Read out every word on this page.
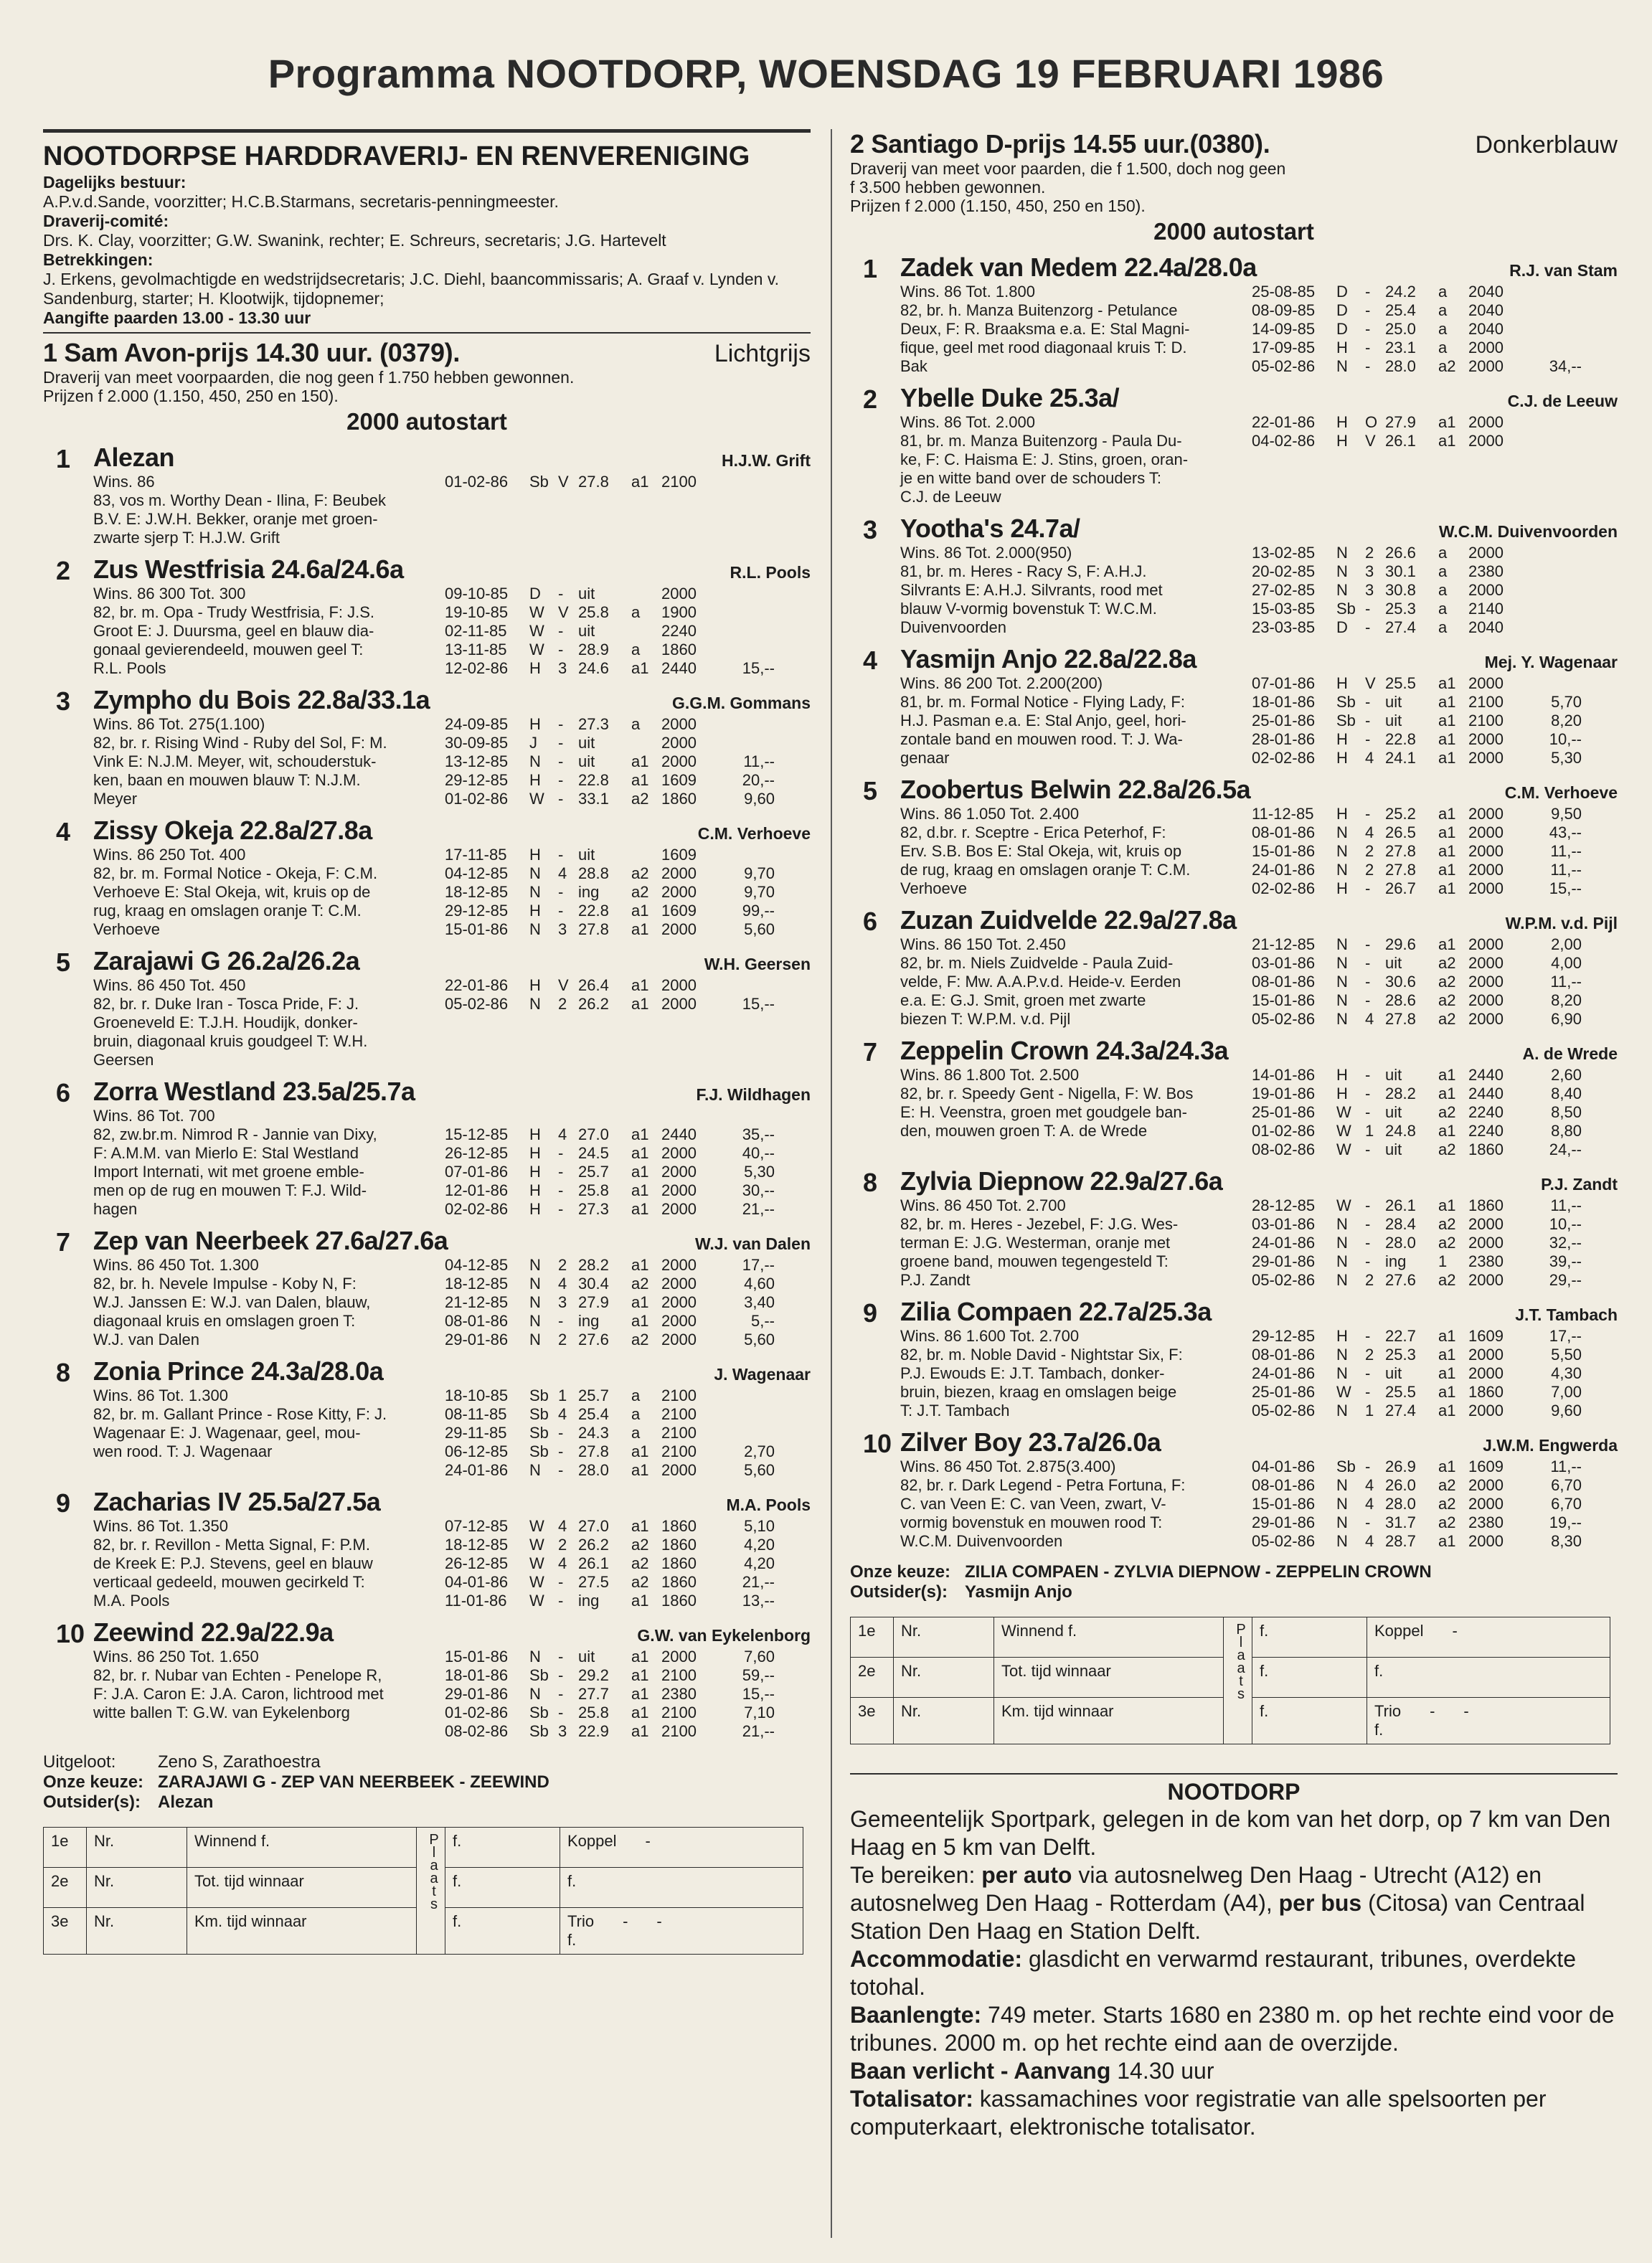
Programma NOOTDORP, WOENSDAG 19 FEBRUARI 1986
NOOTDORPSE HARDDRAVERIJ- EN RENVERENIGING
Dagelijks bestuur:
A.P.v.d.Sande, voorzitter; H.C.B.Starmans, secretaris-penningmeester.
Draverij-comité:
Drs. K. Clay, voorzitter; G.W. Swanink, rechter; E. Schreurs, secretaris; J.G. Hartevelt
Betrekkingen:
J. Erkens, gevolmachtigde en wedstrijdsecretaris; J.C. Diehl, baancommissaris; A. Graaf v. Lynden v. Sandenburg, starter; H. Klootwijk, tijdopnemer;
Aangifte paarden 13.00 - 13.30 uur
1 Sam Avon-prijs 14.30 uur. (0379).	Lichtgrijs
Draverij van meet voorpaarden, die nog geen f 1.750 hebben gewonnen.
Prijzen f 2.000 (1.150, 450, 250 en 150).
2000 autostart
1 Alezan	H.J.W. Grift
Wins. 86
83, vos m. Worthy Dean - Ilina, F: Beubek
B.V. E: J.W.H. Bekker, oranje met groen-
zwarte sjerp T: H.J.W. Grift
01-02-86	Sb V 27.8	a1 2100
2 Zus Westfrisia 24.6a/24.6a	R.L. Pools
Wins. 86 300 Tot. 300
82, br. m. Opa - Trudy Westfrisia, F: J.S.
Groot E: J. Duursma, geel en blauw dia-
gonaal gevierendeeld, mouwen geel T:
R.L. Pools
09-10-85	D	- uit	2000
19-10-85	W V 25.8	a	1900
02-11-85	W - uit	2240
13-11-85	W - 28.9	a	1860
12-02-86	H	3 24.6	a1 2440	15,--
3 Zympho du Bois 22.8a/33.1a	G.G.M. Gommans
Wins. 86 Tot. 275(1.100)
82, br. r. Rising Wind - Ruby del Sol, F: M.
Vink E: N.J.M. Meyer, wit, schouderstuk-
ken, baan en mouwen blauw T: N.J.M.
Meyer
24-09-85	H	- 27.3	a	2000
30-09-85	J	- uit	2000
13-12-85	N	- uit	a1 2000	11,--
29-12-85	H	- 22.8	a1 1609	20,--
01-02-86	W - 33.1	a2 1860	9,60
4 Zissy Okeja 22.8a/27.8a	C.M. Verhoeve
Wins. 86 250 Tot. 400
82, br. m. Formal Notice - Okeja, F: C.M.
Verhoeve E: Stal Okeja, wit, kruis op de
rug, kraag en omslagen oranje T: C.M.
Verhoeve
17-11-85	H	- uit	1609
04-12-85	N	4 28.8	a2 2000	9,70
18-12-85	N	- ing	a2 2000	9,70
29-12-85	H	- 22.8	a1 1609	99,--
15-01-86	N	3 27.8	a1 2000	5,60
5 Zarajawi G 26.2a/26.2a	W.H. Geersen
Wins. 86 450 Tot. 450
82, br. r. Duke Iran - Tosca Pride, F: J.
Groeneveld E: T.J.H. Houdijk, donker-
bruin, diagonaal kruis goudgeel T: W.H.
Geersen
22-01-86	H	V 26.4	a1 2000
05-02-86	N	2 26.2	a1 2000	15,--
6 Zorra Westland 23.5a/25.7a	F.J. Wildhagen
Wins. 86 Tot. 700
82, zw.br.m. Nimrod R - Jannie van Dixy,
F: A.M.M. van Mierlo E: Stal Westland
Import Internati, wit met groene emble-
men op de rug en mouwen T: F.J. Wild-
hagen
15-12-85	H	4 27.0	a1 2440	35,--
26-12-85	H	- 24.5	a1 2000	40,--
07-01-86	H	- 25.7	a1 2000	5,30
12-01-86	H	- 25.8	a1 2000	30,--
02-02-86	H	- 27.3	a1 2000	21,--
7 Zep van Neerbeek 27.6a/27.6a	W.J. van Dalen
Wins. 86 450 Tot. 1.300
82, br. h. Nevele Impulse - Koby N, F:
W.J. Janssen E: W.J. van Dalen, blauw,
diagonaal kruis en omslagen groen T:
W.J. van Dalen
04-12-85	N	2 28.2	a1 2000	17,--
18-12-85	N	4 30.4	a2 2000	4,60
21-12-85	N	3 27.9	a1 2000	3,40
08-01-86	N	- ing	a1 2000	5,--
29-01-86	N	2 27.6	a2 2000	5,60
8 Zonia Prince 24.3a/28.0a	J. Wagenaar
Wins. 86 Tot. 1.300
82, br. m. Gallant Prince - Rose Kitty, F: J.
Wagenaar E: J. Wagenaar, geel, mou-
wen rood. T: J. Wagenaar
18-10-85	Sb 1 25.7	a	2100
08-11-85	Sb 4 25.4	a	2100
29-11-85	Sb - 24.3	a	2100
06-12-85	Sb - 27.8	a1 2100	2,70
24-01-86	N	- 28.0	a1 2000	5,60
9 Zacharias IV 25.5a/27.5a	M.A. Pools
Wins. 86 Tot. 1.350
82, br. r. Revillon - Metta Signal, F: P.M.
de Kreek E: P.J. Stevens, geel en blauw
verticaal gedeeld, mouwen gecirkeld T:
M.A. Pools
07-12-85	W 4 27.0	a1 1860	5,10
18-12-85	W 2 26.2	a2 1860	4,20
26-12-85	W 4 26.1	a2 1860	4,20
04-01-86	W - 27.5	a2 1860	21,--
11-01-86	W - ing	a1 1860	13,--
10 Zeewind 22.9a/22.9a	G.W. van Eykelenborg
Wins. 86 250 Tot. 1.650
82, br. r. Nubar van Echten - Penelope R,
F: J.A. Caron E: J.A. Caron, lichtrood met
witte ballen T: G.W. van Eykelenborg
15-01-86	N	- uit	a1 2000	7,60
18-01-86	Sb - 29.2	a1 2100	59,--
29-01-86	N	- 27.7	a1 2380	15,--
01-02-86	Sb - 25.8	a1 2100	7,10
08-02-86	Sb 3 22.9	a1 2100	21,--
Uitgeloot: Zeno S, Zarathoestra
Onze keuze: ZARAJAWI G - ZEP VAN NEERBEEK - ZEEWIND
Outsider(s): Alezan
1e	Nr.	Winnend f.	Plaats	f.	Koppel -
2e	Nr.	Tot. tijd winnaar		f.	f.
3e	Nr.	Km. tijd winnaar		f.	Trio - -
f.
2 Santiago D-prijs 14.55 uur.(0380).	Donkerblauw
Draverij van meet voor paarden, die f 1.500, doch nog geen
f 3.500 hebben gewonnen.
Prijzen f 2.000 (1.150, 450, 250 en 150).
2000 autostart
1 Zadek van Medem 22.4a/28.0a	R.J. van Stam
Wins. 86 Tot. 1.800
82, br. h. Manza Buitenzorg - Petulance
Deux, F: R. Braaksma e.a. E: Stal Magni-
fique, geel met rood diagonaal kruis T: D.
Bak
25-08-85	D	- 24.2	a	2040
08-09-85	D	- 25.4	a	2040
14-09-85	D	- 25.0	a	2040
17-09-85	H	- 23.1	a	2000
05-02-86	N	- 28.0	a2 2000	34,--
2 Ybelle Duke 25.3a/	C.J. de Leeuw
Wins. 86 Tot. 2.000
81, br. m. Manza Buitenzorg - Paula Du-
ke, F: C. Haisma E: J. Stins, groen, oran-
je en witte band over de schouders T:
C.J. de Leeuw
22-01-86	H	O 27.9	a1 2000
04-02-86	H	V 26.1	a1 2000
3 Yootha's 24.7a/	W.C.M. Duivenvoorden
Wins. 86 Tot. 2.000(950)
81, br. m. Heres - Racy S, F: A.H.J.
Silvrants E: A.H.J. Silvrants, rood met
blauw V-vormig bovenstuk T: W.C.M.
Duivenvoorden
13-02-85	N	2 26.6	a	2000
20-02-85	N	3 30.1	a	2380
27-02-85	N	3 30.8	a	2000
15-03-85	Sb - 25.3	a	2140
23-03-85	D	- 27.4	a	2040
4 Yasmijn Anjo 22.8a/22.8a	Mej. Y. Wagenaar
Wins. 86 200 Tot. 2.200(200)
81, br. m. Formal Notice - Flying Lady, F:
H.J. Pasman e.a. E: Stal Anjo, geel, hori-
zontale band en mouwen rood. T: J. Wa-
genaar
07-01-86	H	V 25.5	a1 2000
18-01-86	Sb - uit	a1 2100	5,70
25-01-86	Sb - uit	a1 2100	8,20
28-01-86	H	- 22.8	a1 2000	10,--
02-02-86	H	4 24.1	a1 2000	5,30
5 Zoobertus Belwin 22.8a/26.5a	C.M. Verhoeve
Wins. 86 1.050 Tot. 2.400
82, d.br. r. Sceptre - Erica Peterhof, F:
Erv. S.B. Bos E: Stal Okeja, wit, kruis op
de rug, kraag en omslagen oranje T: C.M.
Verhoeve
11-12-85	H	- 25.2	a1 2000	9,50
08-01-86	N	4 26.5	a1 2000	43,--
15-01-86	N	2 27.8	a1 2000	11,--
24-01-86	N	2 27.8	a1 2000	11,--
02-02-86	H	- 26.7	a1 2000	15,--
6 Zuzan Zuidvelde 22.9a/27.8a	W.P.M. v.d. Pijl
Wins. 86 150 Tot. 2.450
82, br. m. Niels Zuidvelde - Paula Zuid-
velde, F: Mw. A.A.P.v.d. Heide-v. Eerden
e.a. E: G.J. Smit, groen met zwarte
biezen T: W.P.M. v.d. Pijl
21-12-85	N	- 29.6	a1 2000	2,00
03-01-86	N	- uit	a2 2000	4,00
08-01-86	N	- 30.6	a2 2000	11,--
15-01-86	N	- 28.6	a2 2000	8,20
05-02-86	N	4 27.8	a2 2000	6,90
7 Zeppelin Crown 24.3a/24.3a	A. de Wrede
Wins. 86 1.800 Tot. 2.500
82, br. r. Speedy Gent - Nigella, F: W. Bos
E: H. Veenstra, groen met goudgele ban-
den, mouwen groen T: A. de Wrede
14-01-86	H	- uit	a1 2440	2,60
19-01-86	H	- 28.2	a1 2440	8,40
25-01-86	W - uit	a2 2240	8,50
01-02-86	W 1 24.8	a1 2240	8,80
08-02-86	W - uit	a2 1860	24,--
8 Zylvia Diepnow 22.9a/27.6a	P.J. Zandt
Wins. 86 450 Tot. 2.700
82, br. m. Heres - Jezebel, F: J.G. Wes-
terman E: J.G. Westerman, oranje met
groene band, mouwen tegengesteld T:
P.J. Zandt
28-12-85	W - 26.1	a1 1860	11,--
03-01-86	N	- 28.4	a2 2000	10,--
24-01-86	N	- 28.0	a2 2000	32,--
29-01-86	N	- ing	1	2380	39,--
05-02-86	N	2 27.6	a2 2000	29,--
9 Zilia Compaen 22.7a/25.3a	J.T. Tambach
Wins. 86 1.600 Tot. 2.700
82, br. m. Noble David - Nightstar Six, F:
P.J. Ewouds E: J.T. Tambach, donker-
bruin, biezen, kraag en omslagen beige
T: J.T. Tambach
29-12-85	H	- 22.7	a1 1609	17,--
08-01-86	N	2 25.3	a1 2000	5,50
24-01-86	N	- uit	a1 2000	4,30
25-01-86	W - 25.5	a1 1860	7,00
05-02-86	N	1 27.4	a1 2000	9,60
10 Zilver Boy 23.7a/26.0a	J.W.M. Engwerda
Wins. 86 450 Tot. 2.875(3.400)
82, br. r. Dark Legend - Petra Fortuna, F:
C. van Veen E: C. van Veen, zwart, V-
vormig bovenstuk en mouwen rood T:
W.C.M. Duivenvoorden
04-01-86	Sb - 26.9	a1 1609	11,--
08-01-86	N	4 26.0	a2 2000	6,70
15-01-86	N	4 28.0	a2 2000	6,70
29-01-86	N	- 31.7	a2 2380	19,--
05-02-86	N	4 28.7	a1 2000	8,30
Onze keuze: ZILIA COMPAEN - ZYLVIA DIEPNOW - ZEPPELIN CROWN
Outsider(s): Yasmijn Anjo
1e	Nr.	Winnend f.	Plaats	f.	Koppel -
2e	Nr.	Tot. tijd winnaar		f.	f.
3e	Nr.	Km. tijd winnaar		f.	Trio - -
f.
NOOTDORP
Gemeentelijk Sportpark, gelegen in de kom van het dorp, op 7 km van Den Haag en 5 km van Delft.
Te bereiken: per auto via autosnelweg Den Haag - Utrecht (A12) en autosnelweg Den Haag - Rotterdam (A4), per bus (Citosa) van Centraal Station Den Haag en Station Delft.
Accommodatie: glasdicht en verwarmd restaurant, tribunes, overdekte totohal.
Baanlengte: 749 meter. Starts 1680 en 2380 m. op het rechte eind voor de tribunes. 2000 m. op het rechte eind aan de overzijde.
Baan verlicht - Aanvang 14.30 uur
Totalisator: kassamachines voor registratie van alle spelsoorten per computerkaart, elektronische totalisator.
